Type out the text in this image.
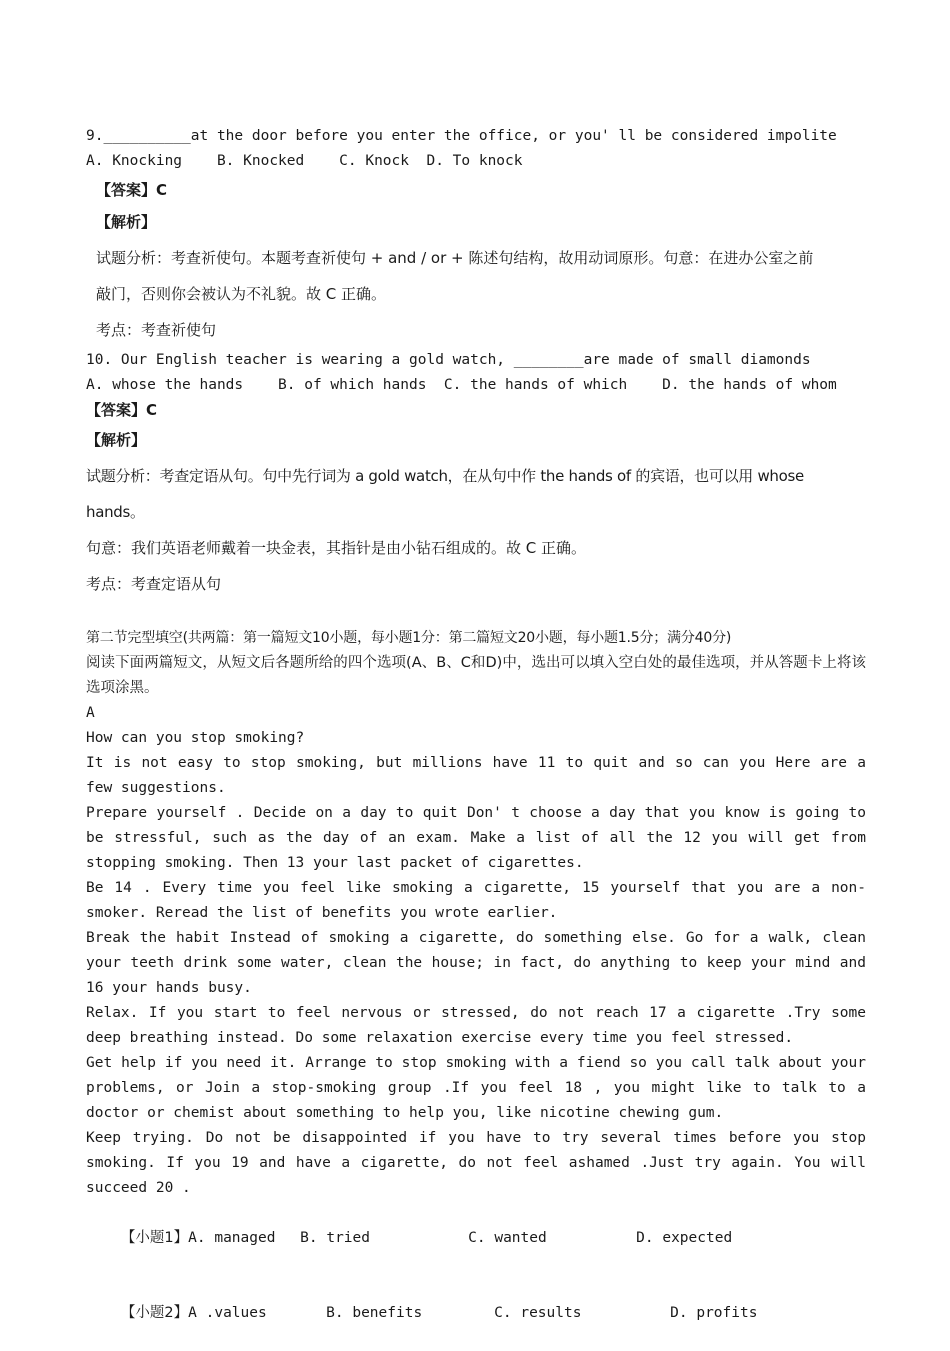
9.__________at the door before you enter the office, or you' ll be considered impolite
A. Knocking    B. Knocked    C. Knock  D. To knock
【答案】C
【解析】
试题分析：考查祈使句。本题考查祈使句 + and / or + 陈述句结构，故用动词原形。句意：在进办公室之前
敲门，否则你会被认为不礼貌。故 C 正确。
考点：考查祈使句
10. Our English teacher is wearing a gold watch, ________are made of small diamonds
A. whose the hands    B. of which hands  C. the hands of which    D. the hands of whom
【答案】C
【解析】
试题分析：考查定语从句。句中先行词为 a gold watch，在从句中作 the hands of 的宾语，也可以用 whose hands。
句意：我们英语老师戴着一块金表，其指针是由小钻石组成的。故 C 正确。
考点：考查定语从句
第二节完型填空(共两篇：第一篇短文10小题，每小题1分：第二篇短文20小题，每小题1.5分；满分40分)
阅读下面两篇短文，从短文后各题所给的四个选项(A、B、C和D)中，选出可以填入空白处的最佳选项，并从答题卡上将该选项涂黑。
A
How can you stop smoking?
It is not easy to stop smoking, but millions have 11 to quit and so can you Here are a few suggestions.
Prepare yourself . Decide on a day to quit Don' t choose a day that you know is going to be stressful, such as the day of an exam. Make a list of all the 12 you will get from stopping smoking. Then 13 your last packet of cigarettes.
Be 14 . Every time you feel like smoking a cigarette, 15 yourself that you are a non-smoker. Reread the list of benefits you wrote earlier.
Break the habit Instead of smoking a cigarette, do something else. Go for a walk, clean your teeth drink some water, clean the house; in fact, do anything to keep your mind and 16 your hands busy.
Relax. If you start to feel nervous or stressed, do not reach 17 a cigarette .Try some deep breathing instead. Do some relaxation exercise every time you feel stressed.
Get help if you need it. Arrange to stop smoking with a fiend so you call talk about your problems, or Join a stop-smoking group .If you feel 18 , you might like to talk to a doctor or chemist about something to help you, like nicotine chewing gum.
Keep trying. Do not be disappointed if you have to try several times before you stop smoking. If you 19 and have a cigarette, do not feel ashamed .Just try again. You will succeed 20 .

【小题1】A. managed B. tried	C. wanted	D. expected

【小题2】A .values	B. benefits	C. results	D. profits
